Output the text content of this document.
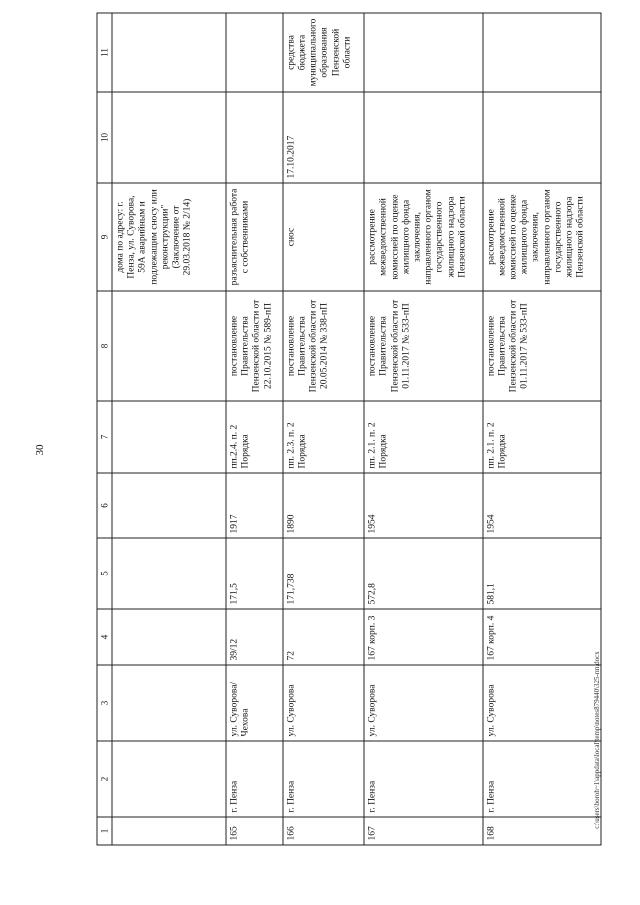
30
1	2	3	4	5	6	7	8	9	10	11
								дома по адресу: г. Пенза, ул. Суворова, 59А аварийным и подлежащим сносу или реконструкции" (Заключение от 29.03.2018 № 2/14)		
165	г. Пенза	ул. Суворова/ Чехова	39/12	171,5	1917	пп.2.4. п. 2 Порядка	постановление Правительства Пензенской области от 22.10.2015 № 589-пП	разъяснительная работа с собственниками		
166	г. Пенза	ул. Суворова	72	171,738	1890	пп. 2.3. п. 2 Порядка	постановление Правительства Пензенской области от 20.05.2014 № 338-пП	снос	17.10.2017	средства бюджета муниципального образования Пензенской области
167	г. Пенза	ул. Суворова	167 корп. 3	572,8	1954	пп. 2.1. п. 2 Порядка	постановление Правительства Пензенской области от 01.11.2017 № 533-пП	рассмотрение межведомственной комиссией по оценке жилищного фонда заключения, направленного органом государственного жилищного надзора Пензенской области		
168	г. Пенза	ул. Суворова	167 корп. 4	581,1	1954	пп. 2.1. п. 2 Порядка	постановление Правительства Пензенской области от 01.11.2017 № 533-пП	рассмотрение межведомственной комиссией по оценке жилищного фонда заключения, направленного органом государственного жилищного надзора Пензенской области		
c:\users\boroh~1\appdata\local\temp\notes879440\325-пп.docx
